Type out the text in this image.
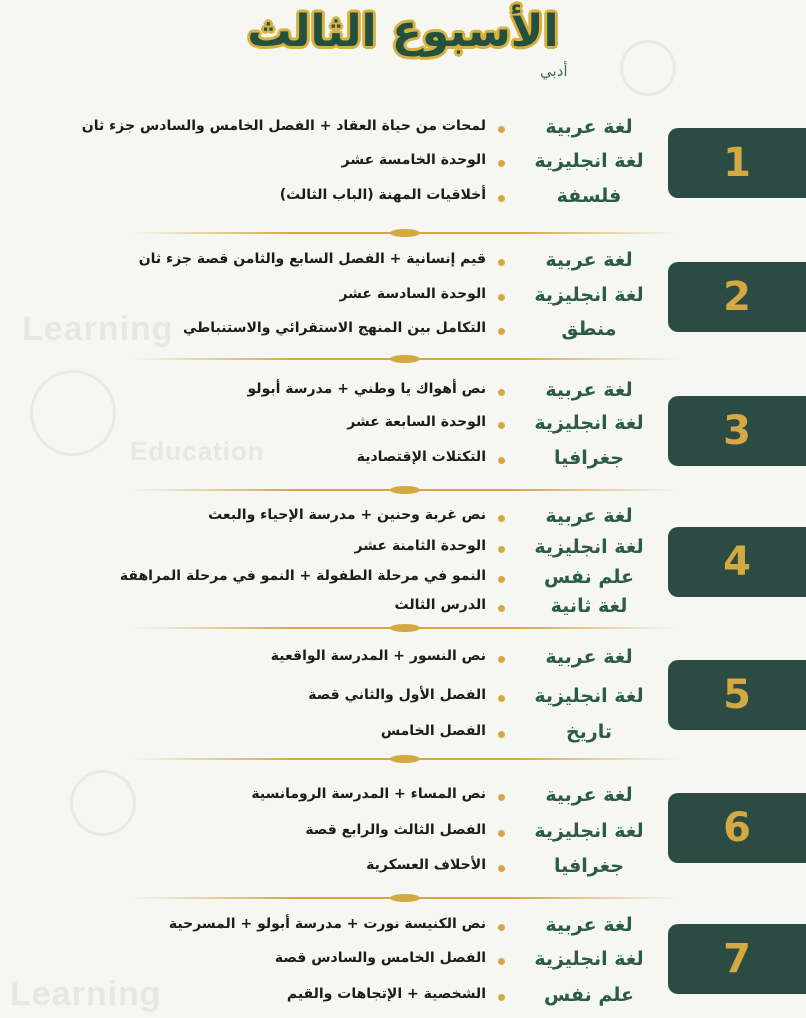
Learning
Education
Learning
الأسبوع الثالث
أدبي
1
لغة عربية
لمحات من حياة العقاد + الفصل الخامس والسادس جزء ثان
لغة انجليزية
الوحدة الخامسة عشر
فلسفة
أخلاقيات المهنة (الباب الثالث)
2
لغة عربية
قيم إنسانية + الفصل السابع والثامن قصة جزء ثان
لغة انجليزية
الوحدة السادسة عشر
منطق
التكامل بين المنهج الاستقرائي والاستنباطي
3
لغة عربية
نص أهواك يا وطني + مدرسة أبولو
لغة انجليزية
الوحدة السابعة عشر
جغرافيا
التكتلات الإقتصادية
4
لغة عربية
نص غربة وحنين + مدرسة الإحياء والبعث
لغة انجليزية
الوحدة الثامنة عشر
علم نفس
النمو في مرحلة الطفولة + النمو في مرحلة المراهقة
لغة ثانية
الدرس الثالث
5
لغة عربية
نص النسور + المدرسة الواقعية
لغة انجليزية
الفصل الأول والثاني قصة
تاريخ
الفصل الخامس
6
لغة عربية
نص المساء + المدرسة الرومانسية
لغة انجليزية
الفصل الثالث والرابع قصة
جغرافيا
الأحلاف العسكرية
7
لغة عربية
نص الكنيسة نورت + مدرسة أبولو + المسرحية
لغة انجليزية
الفصل الخامس والسادس قصة
علم نفس
الشخصية + الإتجاهات والقيم
